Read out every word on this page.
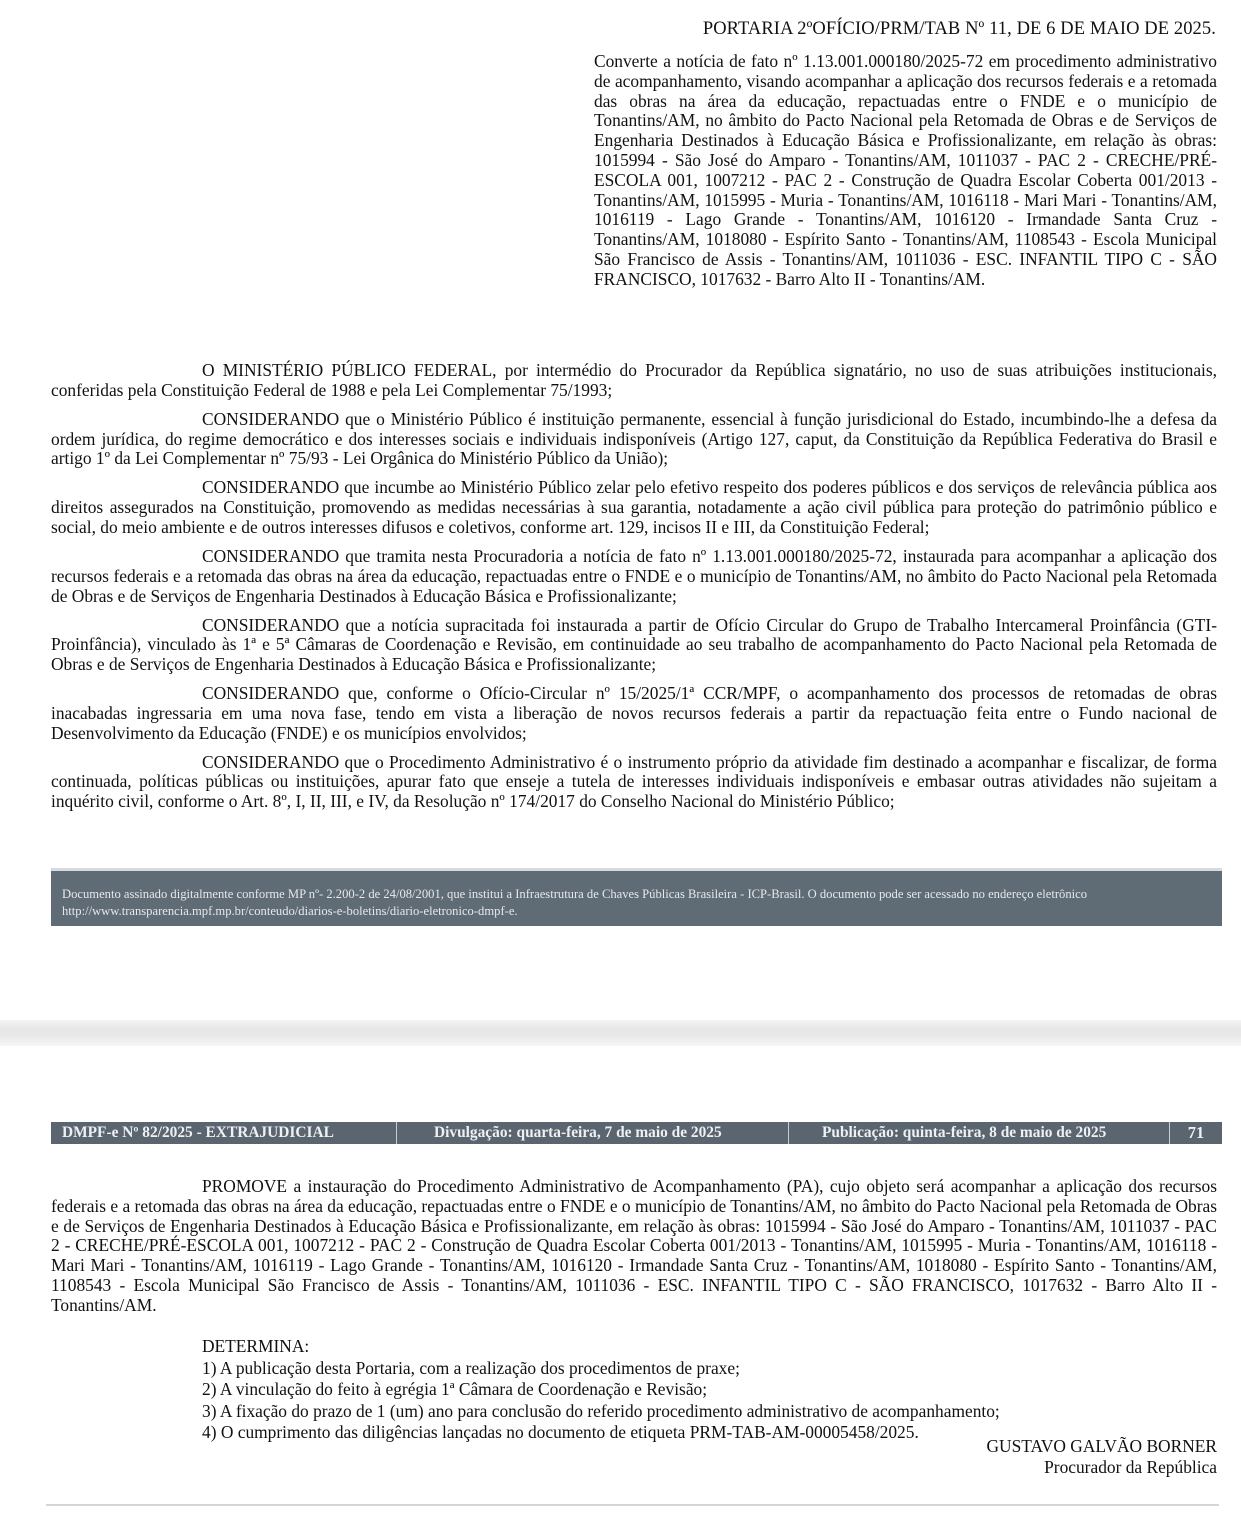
PORTARIA 2ºOFÍCIO/PRM/TAB Nº 11, DE 6 DE MAIO DE 2025.
Converte a notícia de fato nº 1.13.001.000180/2025-72 em procedimento administrativo de acompanhamento, visando acompanhar a aplicação dos recursos federais e a retomada das obras na área da educação, repactuadas entre o FNDE e o município de Tonantins/AM, no âmbito do Pacto Nacional pela Retomada de Obras e de Serviços de Engenharia Destinados à Educação Básica e Profissionalizante, em relação às obras: 1015994 - São José do Amparo - Tonantins/AM, 1011037 - PAC 2 - CRECHE/PRÉ-ESCOLA 001, 1007212 - PAC 2 - Construção de Quadra Escolar Coberta 001/2013 - Tonantins/AM, 1015995 - Muria - Tonantins/AM, 1016118 - Mari Mari - Tonantins/AM, 1016119 - Lago Grande - Tonantins/AM, 1016120 - Irmandade Santa Cruz - Tonantins/AM, 1018080 - Espírito Santo - Tonantins/AM, 1108543 - Escola Municipal São Francisco de Assis - Tonantins/AM, 1011036 - ESC. INFANTIL TIPO C - SÃO FRANCISCO, 1017632 - Barro Alto II - Tonantins/AM.

O MINISTÉRIO PÚBLICO FEDERAL, por intermédio do Procurador da República signatário, no uso de suas atribuições institucionais, conferidas pela Constituição Federal de 1988 e pela Lei Complementar 75/1993;

CONSIDERANDO que o Ministério Público é instituição permanente, essencial à função jurisdicional do Estado, incumbindo-lhe a defesa da ordem jurídica, do regime democrático e dos interesses sociais e individuais indisponíveis (Artigo 127, caput, da Constituição da República Federativa do Brasil e artigo 1º da Lei Complementar nº 75/93 - Lei Orgânica do Ministério Público da União);

CONSIDERANDO que incumbe ao Ministério Público zelar pelo efetivo respeito dos poderes públicos e dos serviços de relevância pública aos direitos assegurados na Constituição, promovendo as medidas necessárias à sua garantia, notadamente a ação civil pública para proteção do patrimônio público e social, do meio ambiente e de outros interesses difusos e coletivos, conforme art. 129, incisos II e III, da Constituição Federal;

CONSIDERANDO que tramita nesta Procuradoria a notícia de fato nº 1.13.001.000180/2025-72, instaurada para acompanhar a aplicação dos recursos federais e a retomada das obras na área da educação, repactuadas entre o FNDE e o município de Tonantins/AM, no âmbito do Pacto Nacional pela Retomada de Obras e de Serviços de Engenharia Destinados à Educação Básica e Profissionalizante;

CONSIDERANDO que a notícia supracitada foi instaurada a partir de Ofício Circular do Grupo de Trabalho Intercameral Proinfância (GTI-Proinfância), vinculado às 1ª e 5ª Câmaras de Coordenação e Revisão, em continuidade ao seu trabalho de acompanhamento do Pacto Nacional pela Retomada de Obras e de Serviços de Engenharia Destinados à Educação Básica e Profissionalizante;

CONSIDERANDO que, conforme o Ofício-Circular nº 15/2025/1ª CCR/MPF, o acompanhamento dos processos de retomadas de obras inacabadas ingressaria em uma nova fase, tendo em vista a liberação de novos recursos federais a partir da repactuação feita entre o Fundo nacional de Desenvolvimento da Educação (FNDE) e os municípios envolvidos;

CONSIDERANDO que o Procedimento Administrativo é o instrumento próprio da atividade fim destinado a acompanhar e fiscalizar, de forma continuada, políticas públicas ou instituições, apurar fato que enseje a tutela de interesses individuais indisponíveis e embasar outras atividades não sujeitam a inquérito civil, conforme o Art. 8º, I, II, III, e IV, da Resolução nº 174/2017 do Conselho Nacional do Ministério Público;

Documento assinado digitalmente conforme MP nº- 2.200-2 de 24/08/2001, que institui a Infraestrutura de Chaves Públicas Brasileira - ICP-Brasil. O documento pode ser acessado no endereço eletrônico http://www.transparencia.mpf.mp.br/conteudo/diarios-e-boletins/diario-eletronico-dmpf-e.
DMPF-e Nº 82/2025 - EXTRAJUDICIAL	Divulgação: quarta-feira, 7 de maio de 2025	Publicação: quinta-feira, 8 de maio de 2025	71

PROMOVE a instauração do Procedimento Administrativo de Acompanhamento (PA), cujo objeto será acompanhar a aplicação dos recursos federais e a retomada das obras na área da educação, repactuadas entre o FNDE e o município de Tonantins/AM, no âmbito do Pacto Nacional pela Retomada de Obras e de Serviços de Engenharia Destinados à Educação Básica e Profissionalizante, em relação às obras: 1015994 - São José do Amparo - Tonantins/AM, 1011037 - PAC 2 - CRECHE/PRÉ-ESCOLA 001, 1007212 - PAC 2 - Construção de Quadra Escolar Coberta 001/2013 - Tonantins/AM, 1015995 - Muria - Tonantins/AM, 1016118 - Mari Mari - Tonantins/AM, 1016119 - Lago Grande - Tonantins/AM, 1016120 - Irmandade Santa Cruz - Tonantins/AM, 1018080 - Espírito Santo - Tonantins/AM, 1108543 - Escola Municipal São Francisco de Assis - Tonantins/AM, 1011036 - ESC. INFANTIL TIPO C - SÃO FRANCISCO, 1017632 - Barro Alto II - Tonantins/AM.

DETERMINA:
1) A publicação desta Portaria, com a realização dos procedimentos de praxe;
2) A vinculação do feito à egrégia 1ª Câmara de Coordenação e Revisão;
3) A fixação do prazo de 1 (um) ano para conclusão do referido procedimento administrativo de acompanhamento;
4) O cumprimento das diligências lançadas no documento de etiqueta PRM-TAB-AM-00005458/2025.
GUSTAVO GALVÃO BORNER
Procurador da República
